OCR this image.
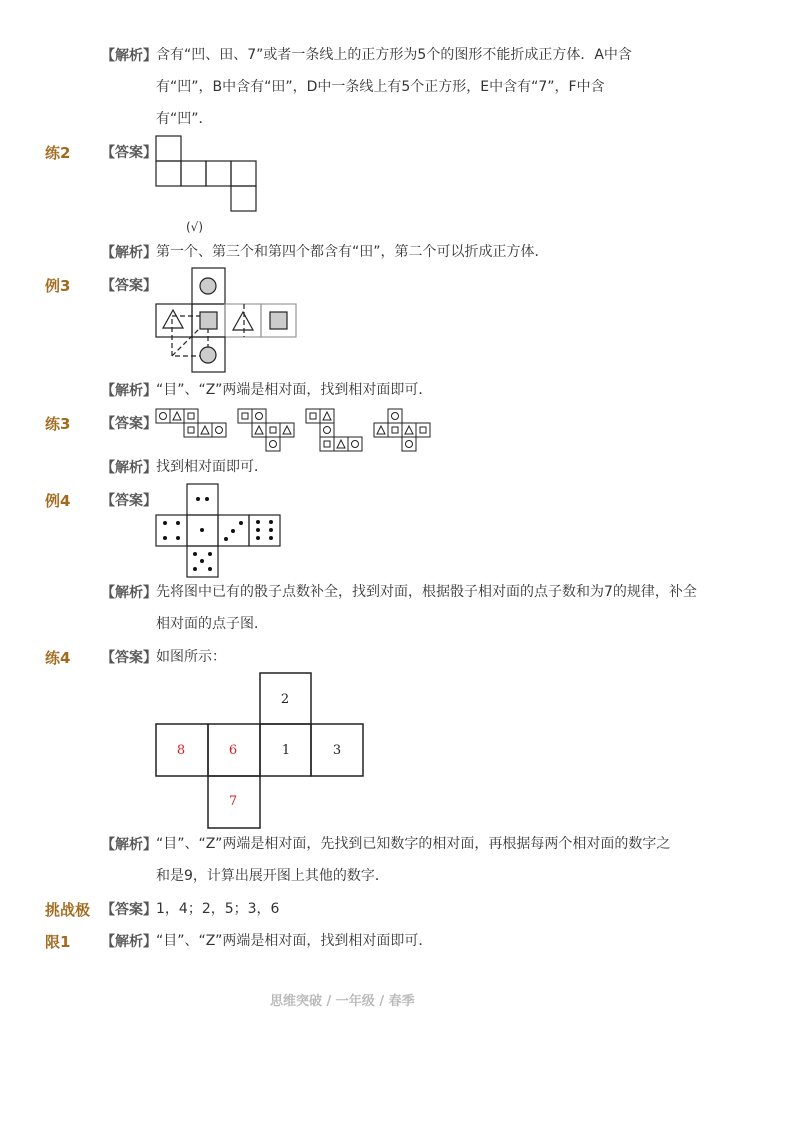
【解析】 含有“凹、田、7”或者一条线上的正方形为5个的图形不能折成正方体．A中含
有“凹”，B中含有“田”，D中一条线上有5个正方形，E中含有“7”，F中含
有“凹”．
练2 【答案】
(√)
【解析】 第一个、第三个和第四个都含有“田”，第二个可以折成正方体．
例3 【答案】
【解析】 “目”、“Z”两端是相对面，找到相对面即可．
练3 【答案】
【解析】 找到相对面即可．
例4 【答案】
【解析】 先将图中已有的骰子点数补全，找到对面，根据骰子相对面的点子数和为7的规律，补全
相对面的点子图．
练4 【答案】 如图所示：
2
8	6	1	3
7
【解析】 “目”、“Z”两端是相对面，先找到已知数字的相对面，再根据每两个相对面的数字之
和是9，计算出展开图上其他的数字．
挑战极 【答案】 1，4；2，5；3，6
限1 【解析】 “目”、“Z”两端是相对面，找到相对面即可．
思维突破 / 一年级 / 春季
